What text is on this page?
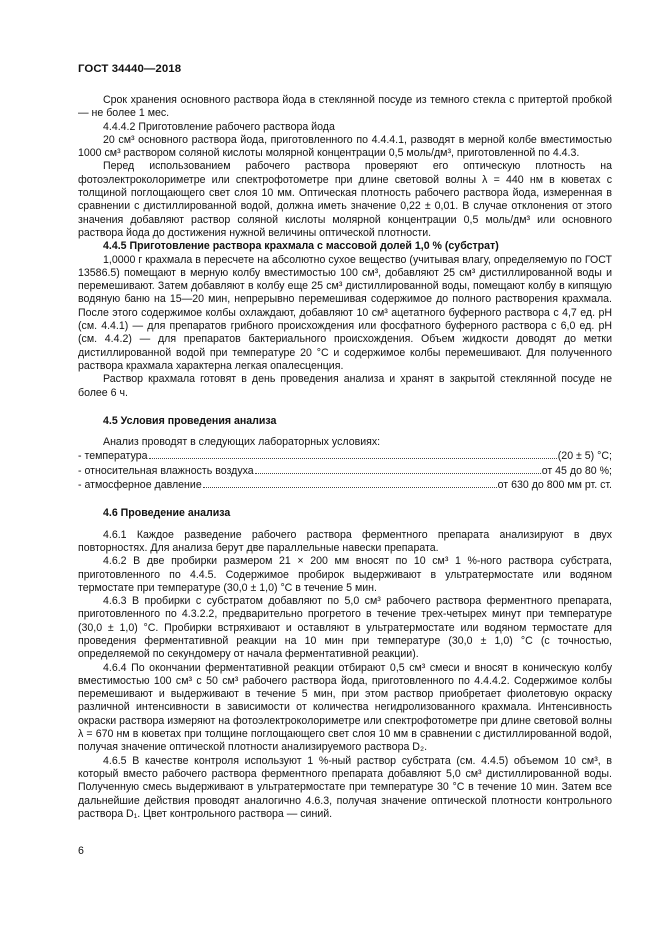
ГОСТ 34440—2018

Срок хранения основного раствора йода в стеклянной посуде из темного стекла с притертой пробкой — не более 1 мес.

4.4.4.2 Приготовление рабочего раствора йода

20 см³ основного раствора йода, приготовленного по 4.4.4.1, разводят в мерной колбе вместимостью 1000 см³ раствором соляной кислоты молярной концентрации 0,5 моль/дм³, приготовленной по 4.4.3.

Перед использованием рабочего раствора проверяют его оптическую плотность на фотоэлектроколориметре или спектрофотометре при длине световой волны λ = 440 нм в кюветах с толщиной поглощающего свет слоя 10 мм. Оптическая плотность рабочего раствора йода, измеренная в сравнении с дистиллированной водой, должна иметь значение 0,22 ± 0,01. В случае отклонения от этого значения добавляют раствор соляной кислоты молярной концентрации 0,5 моль/дм³ или основного раствора йода до достижения нужной величины оптической плотности.

4.4.5 Приготовление раствора крахмала с массовой долей 1,0 % (субстрат)

1,0000 г крахмала в пересчете на абсолютно сухое вещество (учитывая влагу, определяемую по ГОСТ 13586.5) помещают в мерную колбу вместимостью 100 см³, добавляют 25 см³ дистиллированной воды и перемешивают. Затем добавляют в колбу еще 25 см³ дистиллированной воды, помещают колбу в кипящую водяную баню на 15—20 мин, непрерывно перемешивая содержимое до полного растворения крахмала. После этого содержимое колбы охлаждают, добавляют 10 см³ ацетатного буферного раствора с 4,7 ед. pH (см. 4.4.1) — для препаратов грибного происхождения или фосфатного буферного раствора с 6,0 ед. pH (см. 4.4.2) — для препаратов бактериального происхождения. Объем жидкости доводят до метки дистиллированной водой при температуре 20 °С и содержимое колбы перемешивают. Для полученного раствора крахмала характерна легкая опалесценция.

Раствор крахмала готовят в день проведения анализа и хранят в закрытой стеклянной посуде не более 6 ч.

4.5 Условия проведения анализа

Анализ проводят в следующих лабораторных условиях:

- температура	(20 ± 5) °С;
- относительная влажность воздуха	от 45 до 80 %;
- атмосферное давление	от 630 до 800 мм рт. ст.

4.6 Проведение анализа

4.6.1 Каждое разведение рабочего раствора ферментного препарата анализируют в двух повторностях. Для анализа берут две параллельные навески препарата.

4.6.2 В две пробирки размером 21 × 200 мм вносят по 10 см³ 1 %-ного раствора субстрата, приготовленного по 4.4.5. Содержимое пробирок выдерживают в ультратермостате или водяном термостате при температуре (30,0 ± 1,0) °С в течение 5 мин.

4.6.3 В пробирки с субстратом добавляют по 5,0 см³ рабочего раствора ферментного препарата, приготовленного по 4.3.2.2, предварительно прогретого в течение трех-четырех минут при температуре (30,0 ± 1,0) °С. Пробирки встряхивают и оставляют в ультратермостате или водяном термостате для проведения ферментативной реакции на 10 мин при температуре (30,0 ± 1,0) °С (с точностью, определяемой по секундомеру от начала ферментативной реакции).

4.6.4 По окончании ферментативной реакции отбирают 0,5 см³ смеси и вносят в коническую колбу вместимостью 100 см³ с 50 см³ рабочего раствора йода, приготовленного по 4.4.4.2. Содержимое колбы перемешивают и выдерживают в течение 5 мин, при этом раствор приобретает фиолетовую окраску различной интенсивности в зависимости от количества негидролизованного крахмала. Интенсивность окраски раствора измеряют на фотоэлектроколориметре или спектрофотометре при длине световой волны λ = 670 нм в кюветах при толщине поглощающего свет слоя 10 мм в сравнении с дистиллированной водой, получая значение оптической плотности анализируемого раствора D₂.

4.6.5 В качестве контроля используют 1 %-ный раствор субстрата (см. 4.4.5) объемом 10 см³, в который вместо рабочего раствора ферментного препарата добавляют 5,0 см³ дистиллированной воды. Полученную смесь выдерживают в ультратермостате при температуре 30 °С в течение 10 мин. Затем все дальнейшие действия проводят аналогично 4.6.3, получая значение оптической плотности контрольного раствора D₁. Цвет контрольного раствора — синий.

6
